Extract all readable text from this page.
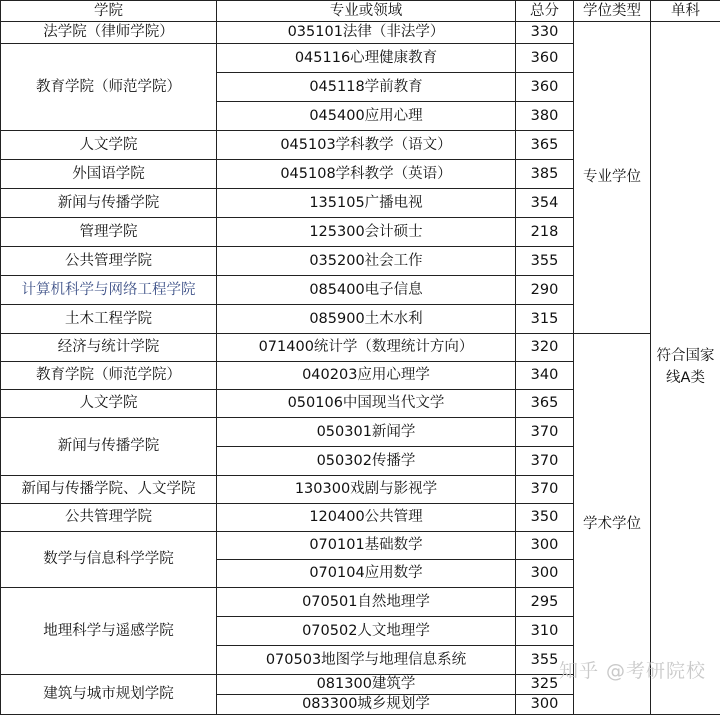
学院	专业或领域	总分	学位类型	单科
法学院（律师学院）	035101法律（非法学）	330	专业学位	符合国家线A类
教育学院（师范学院）	045116心理健康教育	360		
	045118学前教育	360		
	045400应用心理	380		
人文学院	045103学科教学（语文）	365		
外国语学院	045108学科教学（英语）	385		
新闻与传播学院	135105广播电视	354		
管理学院	125300会计硕士	218		
公共管理学院	035200社会工作	355		
计算机科学与网络工程学院	085400电子信息	290		
土木工程学院	085900土木水利	315		
经济与统计学院	071400统计学（数理统计方向）	320	学术学位	
教育学院（师范学院）	040203应用心理学	340		
人文学院	050106中国现当代文学	365		
新闻与传播学院	050301新闻学	370		
	050302传播学	370		
新闻与传播学院、人文学院	130300戏剧与影视学	370		
公共管理学院	120400公共管理	350		
数学与信息科学学院	070101基础数学	300		
	070104应用数学	300		
地理科学与遥感学院	070501自然地理学	295		
	070502人文地理学	310		
	070503地图学与地理信息系统	355		
建筑与城市规划学院	081300建筑学	325		
	083300城乡规划学	300		
知乎 @考研院校
